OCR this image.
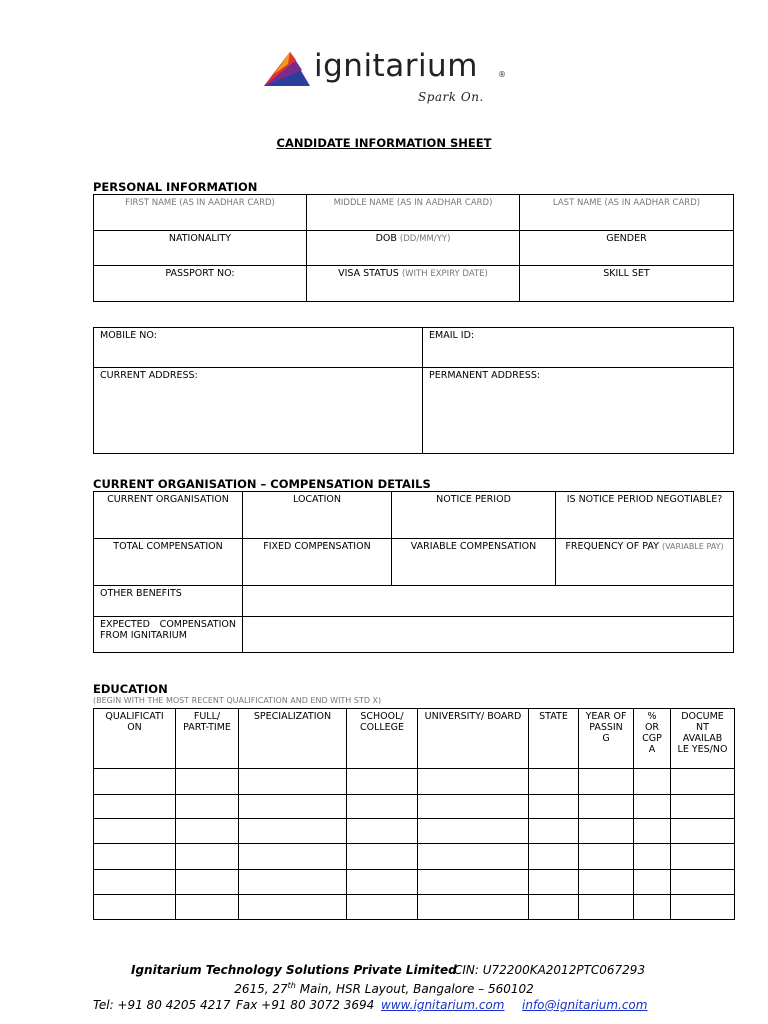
ignitarium	®
Spark On.
CANDIDATE INFORMATION SHEET
PERSONAL INFORMATION
FIRST NAME (AS IN AADHAR CARD)	MIDDLE NAME (AS IN AADHAR CARD)	LAST NAME (AS IN AADHAR CARD)
NATIONALITY	DOB (DD/MM/YY)	GENDER
PASSPORT NO:	VISA STATUS (WITH EXPIRY DATE)	SKILL SET
MOBILE NO:	EMAIL ID:
CURRENT ADDRESS:	PERMANENT ADDRESS:
CURRENT ORGANISATION – COMPENSATION DETAILS
CURRENT ORGANISATION	LOCATION	NOTICE PERIOD	IS NOTICE PERIOD NEGOTIABLE?
TOTAL COMPENSATION	FIXED COMPENSATION	VARIABLE COMPENSATION	FREQUENCY OF PAY (VARIABLE PAY)
OTHER BENEFITS			
EXPECTED COMPENSATION FROM IGNITARIUM			
EDUCATION
(BEGIN WITH THE MOST RECENT QUALIFICATION AND END WITH STD X)
QUALIFICATI ON	FULL/ PART-TIME	SPECIALIZATION	SCHOOL/ COLLEGE	UNIVERSITY/ BOARD	STATE	YEAR OF PASSIN G	% OR CGP A	DOCUME NT AVAILAB LE YES/NO

Ignitarium Technology Solutions Private Limited
CIN: U72200KA2012PTC067293
2615, 27th Main, HSR Layout, Bangalore – 560102
Tel: +91 80 4205 4217 Fax +91 80 3072 3694 www.ignitarium.com info@ignitarium.com
